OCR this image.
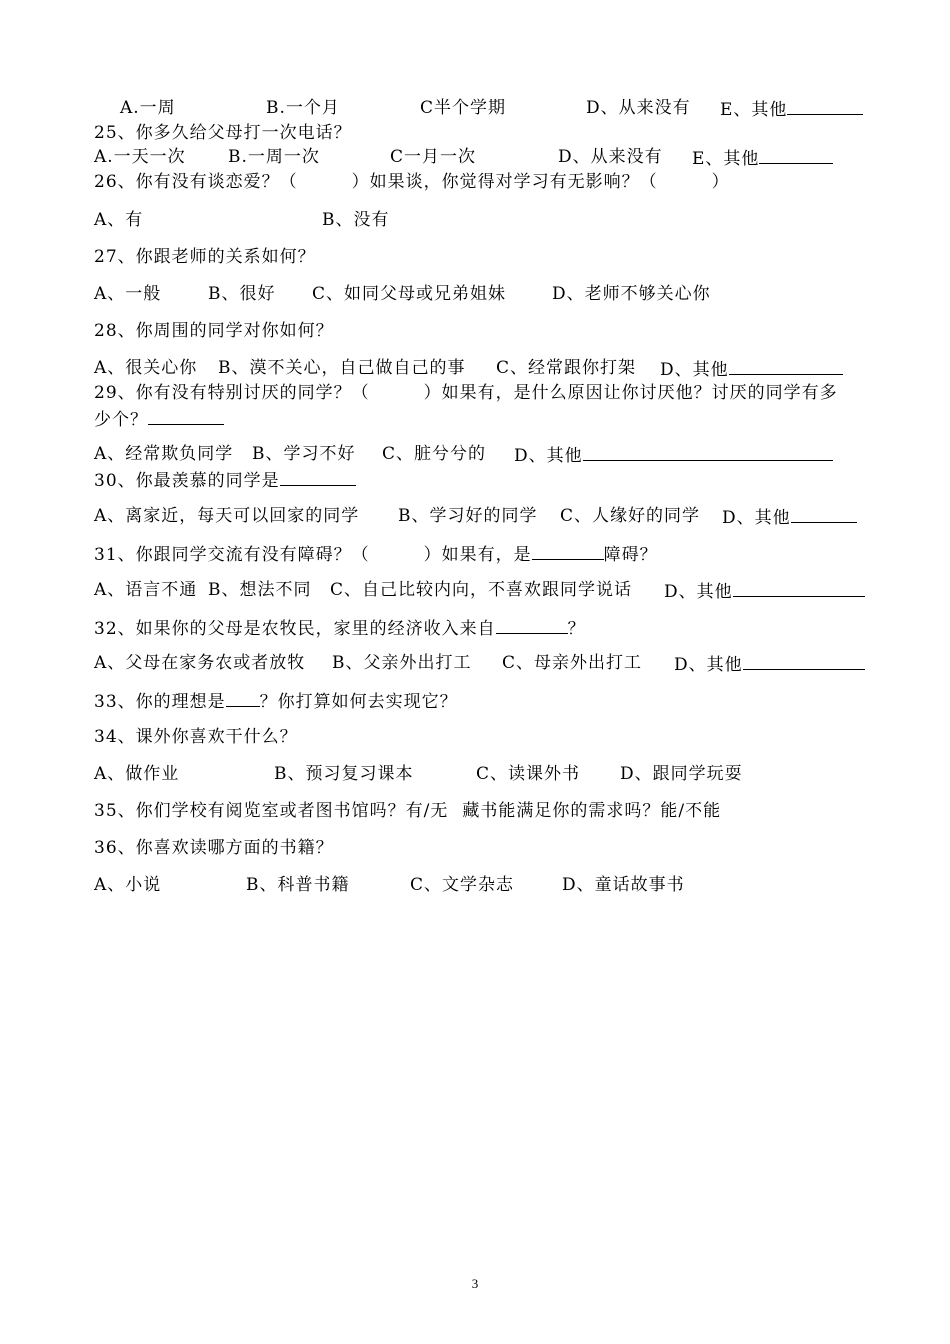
A.一周	B.一个月	C半个学期	D、从来没有 E、其他
25、你多久给父母打一次电话？
A.一天一次 B.一周一次	C一月一次	D、从来没有 E、其他
26、你有没有谈恋爱？（	）如果谈，你觉得对学习有无影响？（	）
A、有	B、没有
27、你跟老师的关系如何？
A、一般	B、很好 C、如同父母或兄弟姐妹	D、老师不够关心你
28、你周围的同学对你如何？
A、很关心你 B、漠不关心，自己做自己的事 C、经常跟你打架 D、其他
29、你有没有特别讨厌的同学？（	）如果有，是什么原因让你讨厌他？讨厌的同学有多
少个？
A、经常欺负同学 B、学习不好 C、脏兮兮的 D、其他
30、你最羡慕的同学是
A、离家近，每天可以回家的同学 B、学习好的同学 C、人缘好的同学 D、其他
31、你跟同学交流有没有障碍？（	）如果有，是	障碍？
A、语言不通 B、想法不同 C、自己比较内向，不喜欢跟同学说话 D、其他
32、如果你的父母是农牧民，家里的经济收入来自	？
A、父母在家务农或者放牧 B、父亲外出打工 C、母亲外出打工 D、其他
33、你的理想是 ？你打算如何去实现它？
34、课外你喜欢干什么？
A、做作业	B、预习复习课本	C、读课外书 D、跟同学玩耍
35、你们学校有阅览室或者图书馆吗？有/无 藏书能满足你的需求吗？能/不能
36、你喜欢读哪方面的书籍？
A、小说	B、科普书籍	C、文学杂志	D、童话故事书
3
